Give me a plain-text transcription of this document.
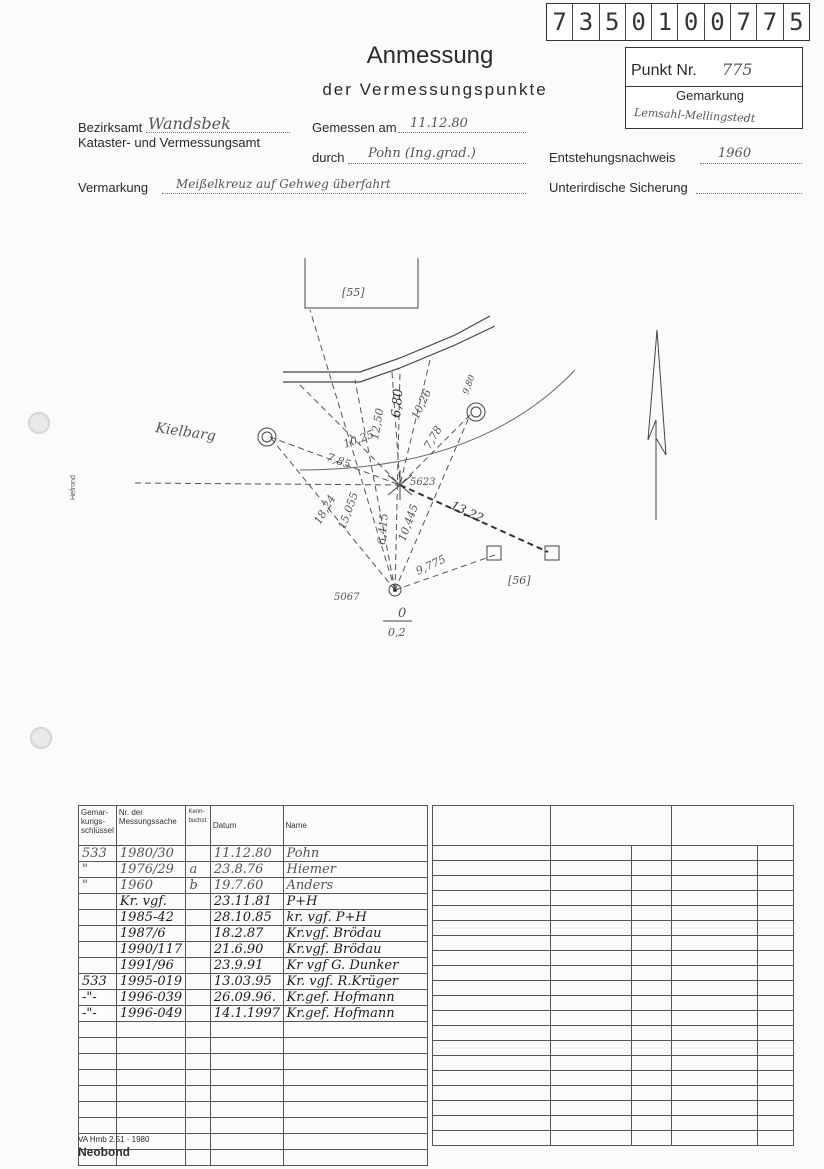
7 3 5 0 1 0 0 7 7 5
Anmessung
der Vermessungspunkte
Punkt Nr. 775
Gemarkung
Lemsahl-Mellingstedt
Bezirksamt Wandsbek
Kataster- und Vermessungsamt
Gemessen am 11.12.80
durch Pohn (Ing.grad.)	Entstehungsnachweis	1960
Vermarkung Meißelkreuz auf Gehweg überfahrt	Unterirdische Sicherung
Hefrond
[55]
[56]
Kielbarg
5623
5067
0
0,2
7,85
10,25
10,26
7,78
18,24
15,055 6,415 10,445 13,22
9,775
6,80
12,50
9,80
Gemar-kungs-schlüssel	Nr. der Messungssache	Kenn-buchst.	Datum	Name
533	1980/30		11.12.80	Pohn
"	1976/29	a	23.8.76	Hiemer
"	1960	b	19.7.60	Anders
	Kr. vgf.		23.11.81	P+H
	1985-42		28.10.85	kr. vgf. P+H
	1987/6		18.2.87	Kr.vgf. Brödau
	1990/117		21.6.90	Kr.vgf. Brödau
	1991/96		23.9.91	Kr vgf G. Dunker
533	1995-019		13.03.95	Kr. vgf. R.Krüger
-"-	1996-039		26.09.96.	Kr.gef. Hofmann
-"-	1996-049		14.1.1997	Kr.gef. Hofmann

VA Hmb 2.51 · 1980
Neobond
